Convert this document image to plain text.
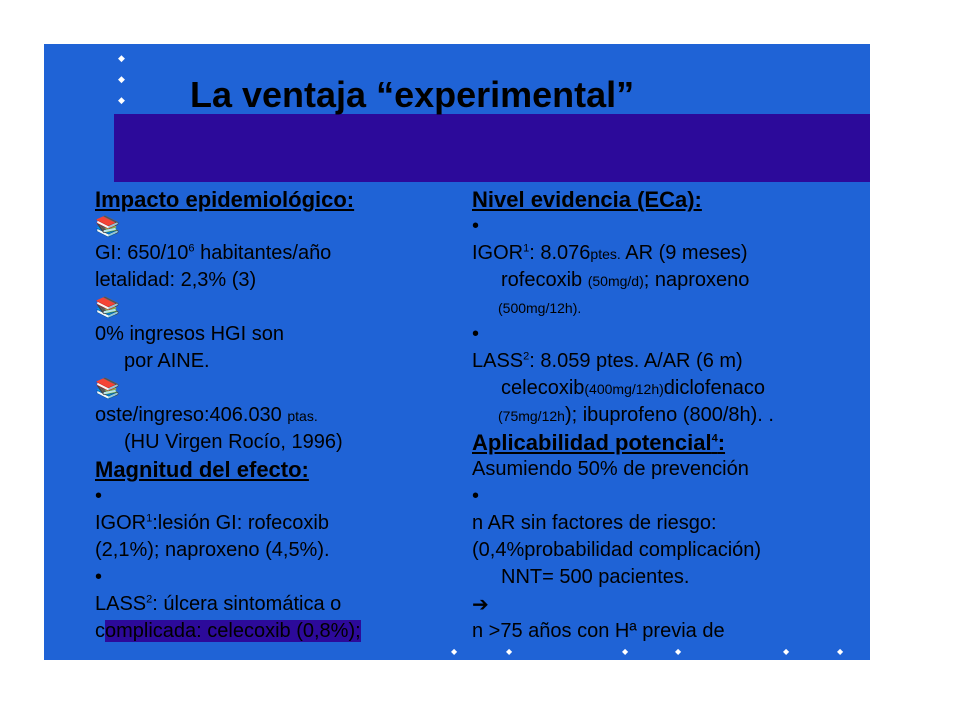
◆
◆
◆ La ventaja “experimental”
Impacto epidemiológico:
📚
GI: $650/10^6$ habitantes/año
letalidad: 2,3% (3)
📚
0% ingresos HGI son
por AINE.
📚
oste/ingreso:406.030 ptas.
(HU Virgen Rocío, 1996)
Magnitud del efecto:
•
IGOR$^1$:lesión GI: rofecoxib
(2,1%); naproxeno (4,5%).
•
LASS$^2$: úlcera sintomática o
complicada: celecoxib (0,8%);
Nivel evidencia (ECa):
•
IGOR$^1$: 8.076ptes. AR (9 meses)
rofecoxib (50mg/d); naproxeno
(500mg/12h).
•
LASS$^2$: 8.059 ptes. A/AR (6 m)
celecoxib(400mg/12h)diclofenaco
(75mg/12h); ibuprofeno (800/8h). .
Aplicabilidad potencial$^4$:
Asumiendo 50% de prevención
•
n AR sin factores de riesgo:
(0,4%probabilidad complicación)
NNT= 500 pacientes.
➔
n >75 años con Hª previa de
◆	◆	◆	◆	◆	◆
